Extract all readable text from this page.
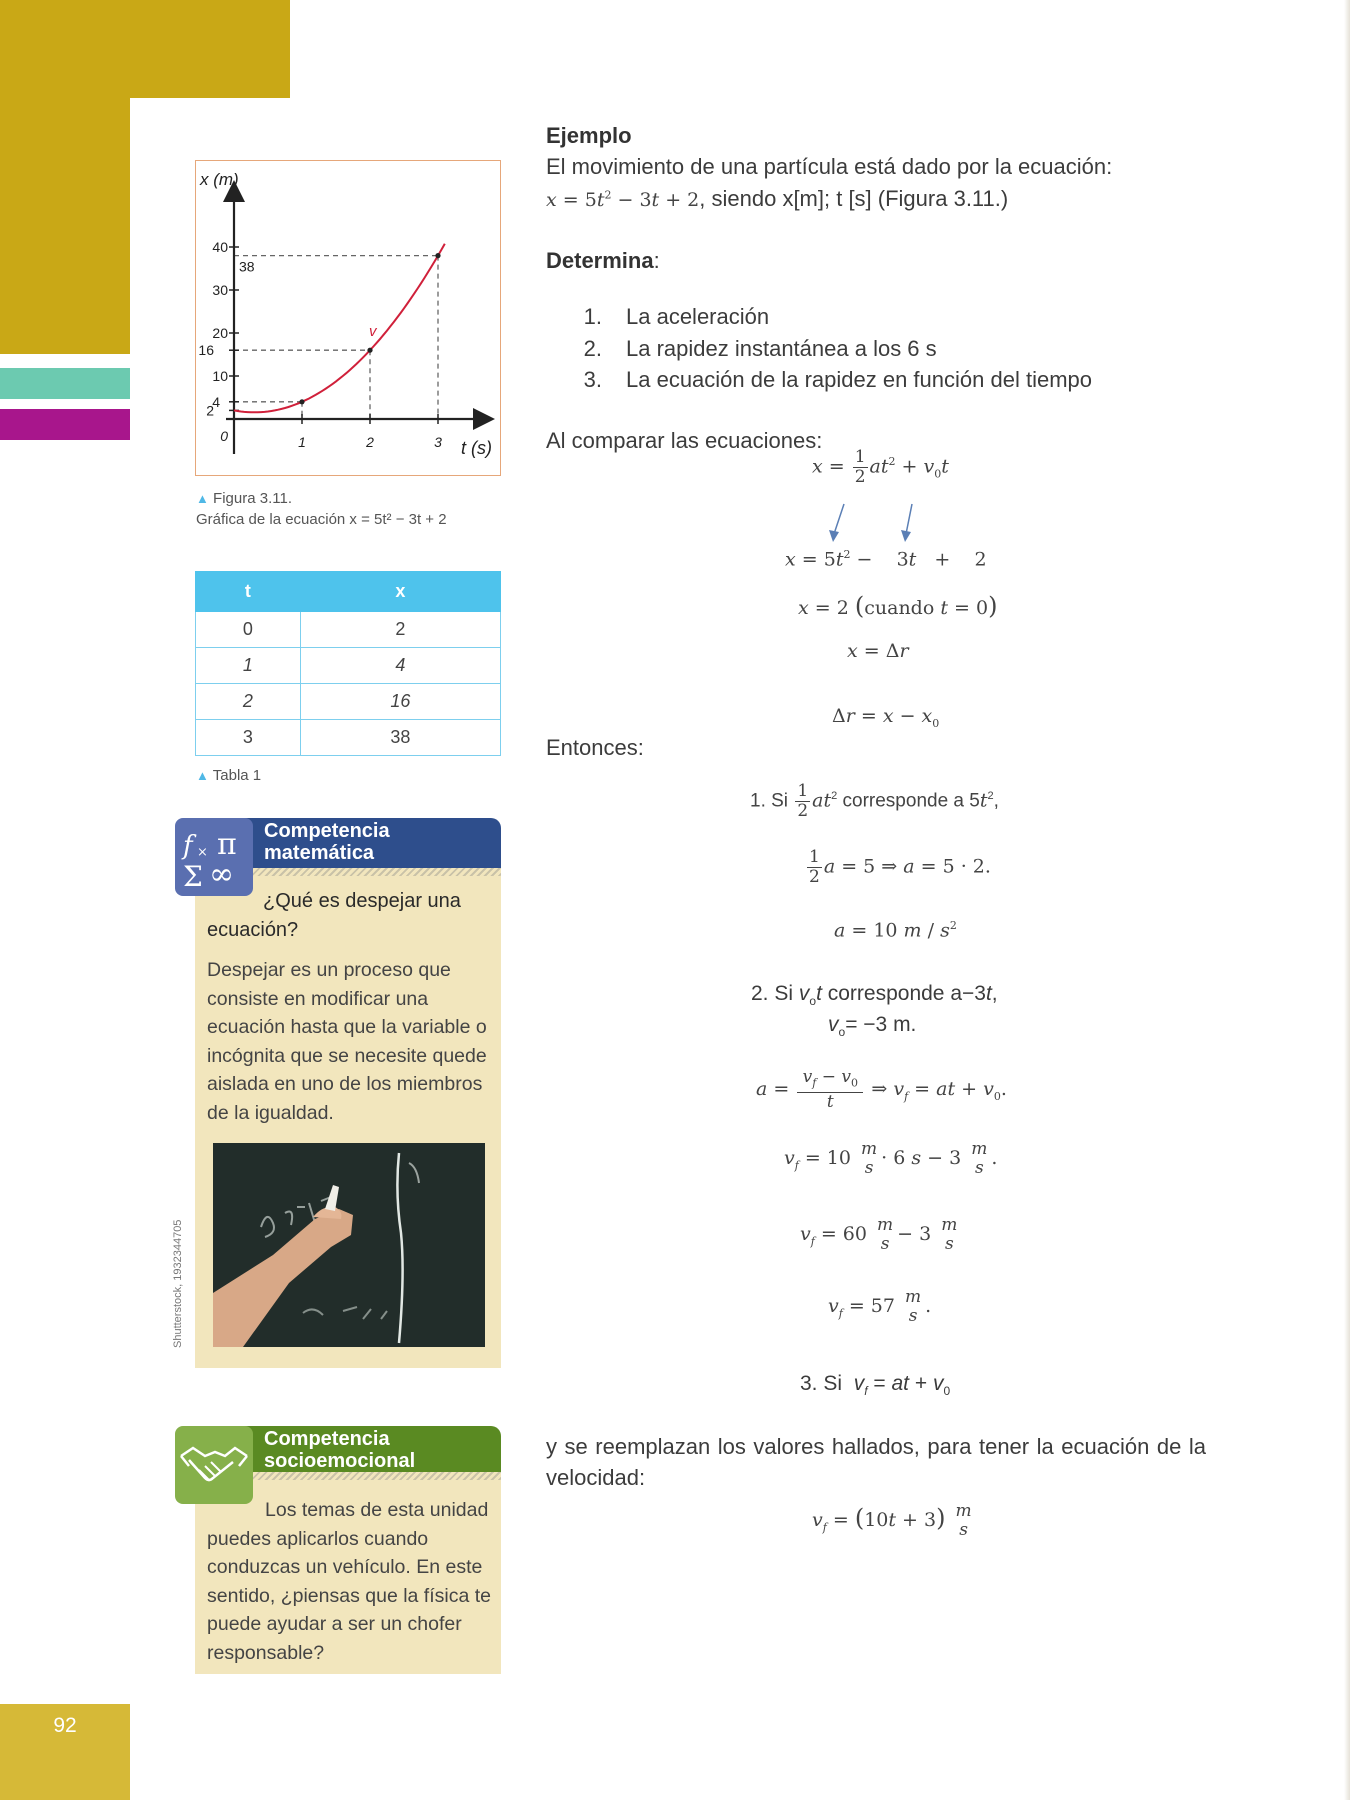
92
x (m)
t (s)
40
30
20
10
16
4
2
0	1	2	3
38
v
▲ Figura 3.11.
Gráfica de la ecuación x = 5t² − 3t + 2
t	x
0	2
1	4
2	16
3	38
▲ Tabla 1
f × π
Σ ∞
Competencia
matemática
¿Qué es despejar una ecuación?
Despejar es un proceso que consiste en modificar una ecuación hasta que la variable o incógnita que se necesite quede aislada en uno de los miembros de la igualdad.
Shutterstock, 1932344705
Competencia
socioemocional
Los temas de esta unidad puedes aplicarlos cuando conduzcas un vehículo. En este sentido, ¿piensas que la física te puede ayudar a ser un chofer responsable?
Ejemplo
El movimiento de una partícula está dado por la ecuación:
$x = 5t^2 - 3t + 2$, siendo x[m]; t [s] (Figura 3.11.)
Determina:
1.	La aceleración
2.	La rapidez instantánea a los 6 s
3.	La ecuación de la rapidez en función del tiempo
Al comparar las ecuaciones:
$x = \frac{1}{2} at^2 + v_0t$
$x = 5t^2$ −    3t   +    2
x = 2 (cuando t = 0)
x = Δr
$\Delta r = x - x_0$
Entonces:
1. Si $\frac{1}{2} at^2$ corresponde a $5t^2$,
$\frac{1}{2}$ a = 5 ⇒ a = 5 · 2.
a = 10 m / $s^2$
2. Si $v_ot$ corresponde a−3t,
$v_o= -3$ m.
$a = \frac{v_f - v_0}{t}$ ⇒ $v_f$ = at + $v_0$.
$v_f = 10$ m
s · 6 s − 3 m
s .
$v_f = 60$ m
s − 3 m
s
$v_f = 57$ m
s .
3. Si $v_f$ = at + $v_0$
y se reemplazan los valores hallados, para tener la ecuación de la velocidad:
$v_f = (10t + 3)$ m
s
